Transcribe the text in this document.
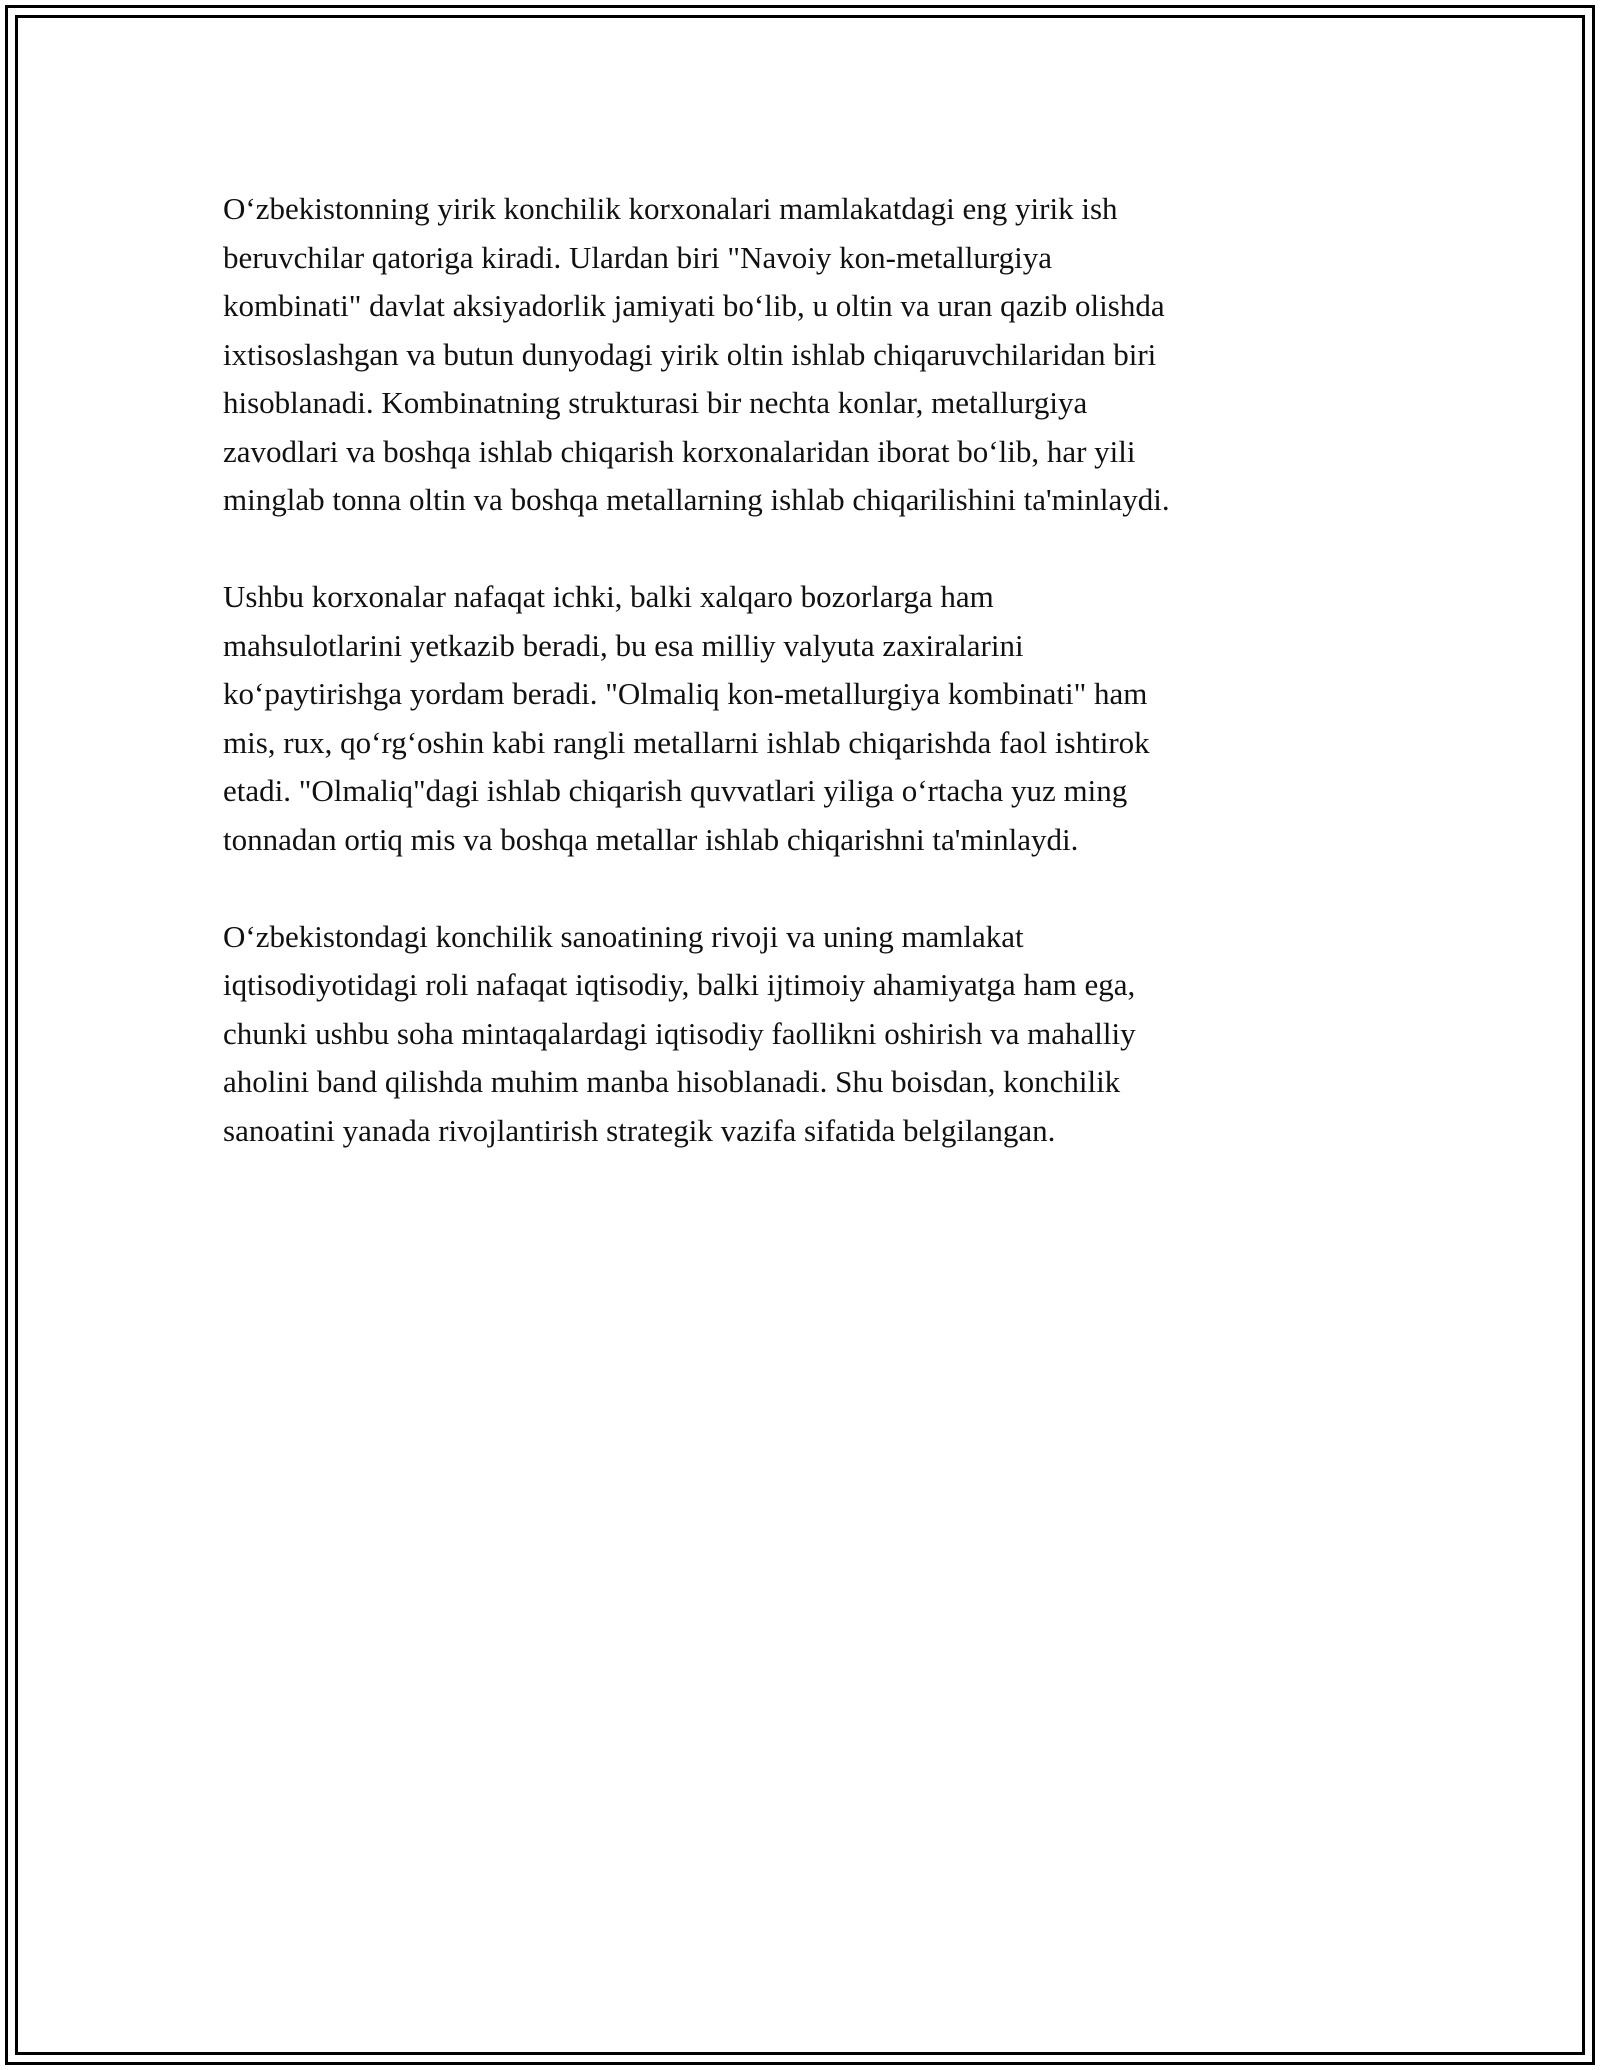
O‘zbekistonning yirik konchilik korxonalari mamlakatdagi eng yirik ish
beruvchilar qatoriga kiradi. Ulardan biri "Navoiy kon-metallurgiya
kombinati" davlat aksiyadorlik jamiyati bo‘lib, u oltin va uran qazib olishda
ixtisoslashgan va butun dunyodagi yirik oltin ishlab chiqaruvchilaridan biri
hisoblanadi. Kombinatning strukturasi bir nechta konlar, metallurgiya
zavodlari va boshqa ishlab chiqarish korxonalaridan iborat bo‘lib, har yili
minglab tonna oltin va boshqa metallarning ishlab chiqarilishini ta'minlaydi.

Ushbu korxonalar nafaqat ichki, balki xalqaro bozorlarga ham
mahsulotlarini yetkazib beradi, bu esa milliy valyuta zaxiralarini
ko‘paytirishga yordam beradi. "Olmaliq kon-metallurgiya kombinati" ham
mis, rux, qo‘rg‘oshin kabi rangli metallarni ishlab chiqarishda faol ishtirok
etadi. "Olmaliq"dagi ishlab chiqarish quvvatlari yiliga o‘rtacha yuz ming
tonnadan ortiq mis va boshqa metallar ishlab chiqarishni ta'minlaydi.

O‘zbekistondagi konchilik sanoatining rivoji va uning mamlakat
iqtisodiyotidagi roli nafaqat iqtisodiy, balki ijtimoiy ahamiyatga ham ega,
chunki ushbu soha mintaqalardagi iqtisodiy faollikni oshirish va mahalliy
aholini band qilishda muhim manba hisoblanadi. Shu boisdan, konchilik
sanoatini yanada rivojlantirish strategik vazifa sifatida belgilangan.
